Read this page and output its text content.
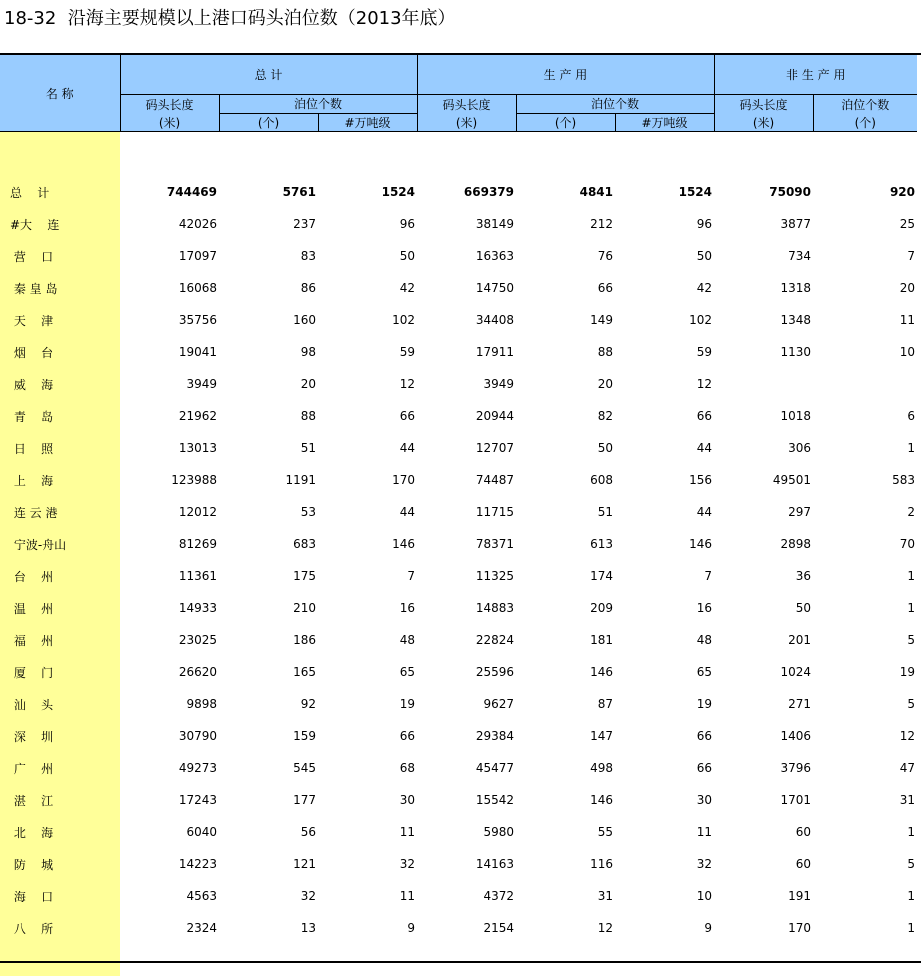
18-32  沿海主要规模以上港口码头泊位数（2013年底）
名 称	总 计			生 产 用			非 生 产 用	
	码头长度	泊位个数		码头长度	泊位个数		码头长度	泊位个数
	(米)	(个)	#万吨级	(米)	(个)	#万吨级	(米)	(个)

总    计	744469	5761	1524	669379	4841	1524	75090	920
#大    连	42026	237	96	38149	212	96	3877	25
营    口	17097	83	50	16363	76	50	734	7
秦 皇 岛	16068	86	42	14750	66	42	1318	20
天    津	35756	160	102	34408	149	102	1348	11
烟    台	19041	98	59	17911	88	59	1130	10
威    海	3949	20	12	3949	20	12		
青    岛	21962	88	66	20944	82	66	1018	6
日    照	13013	51	44	12707	50	44	306	1
上    海	123988	1191	170	74487	608	156	49501	583
连 云 港	12012	53	44	11715	51	44	297	2
宁波-舟山	81269	683	146	78371	613	146	2898	70
台    州	11361	175	7	11325	174	7	36	1
温    州	14933	210	16	14883	209	16	50	1
福    州	23025	186	48	22824	181	48	201	5
厦    门	26620	165	65	25596	146	65	1024	19
汕    头	9898	92	19	9627	87	19	271	5
深    圳	30790	159	66	29384	147	66	1406	12
广    州	49273	545	68	45477	498	66	3796	47
湛    江	17243	177	30	15542	146	30	1701	31
北    海	6040	56	11	5980	55	11	60	1
防    城	14223	121	32	14163	116	32	60	5
海    口	4563	32	11	4372	31	10	191	1
八    所	2324	13	9	2154	12	9	170	1
